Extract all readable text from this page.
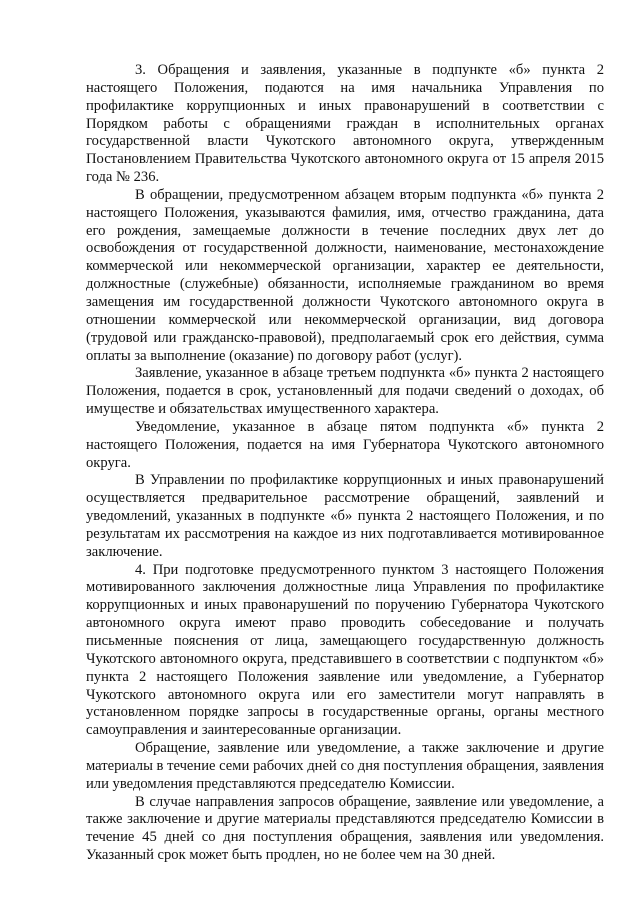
3. Обращения и заявления, указанные в подпункте «б» пункта 2 настоящего Положения, подаются на имя начальника Управления по профилактике коррупционных и иных правонарушений в соответствии с Порядком работы с обращениями граждан в исполнительных органах государственной власти Чукотского автономного округа, утвержденным Постановлением Правительства Чукотского автономного округа от 15 апреля 2015 года № 236.

В обращении, предусмотренном абзацем вторым подпункта «б» пункта 2 настоящего Положения, указываются фамилия, имя, отчество гражданина, дата его рождения, замещаемые должности в течение последних двух лет до освобождения от государственной должности, наименование, местонахождение коммерческой или некоммерческой организации, характер ее деятельности, должностные (служебные) обязанности, исполняемые гражданином во время замещения им государственной должности Чукотского автономного округа в отношении коммерческой или некоммерческой организации, вид договора (трудовой или гражданско-правовой), предполагаемый срок его действия, сумма оплаты за выполнение (оказание) по договору работ (услуг).

Заявление, указанное в абзаце третьем подпункта «б» пункта 2 настоящего Положения, подается в срок, установленный для подачи сведений о доходах, об имуществе и обязательствах имущественного характера.

Уведомление, указанное в абзаце пятом подпункта «б» пункта 2 настоящего Положения, подается на имя Губернатора Чукотского автономного округа.

В Управлении по профилактике коррупционных и иных правонарушений осуществляется предварительное рассмотрение обращений, заявлений и уведомлений, указанных в подпункте «б» пункта 2 настоящего Положения, и по результатам их рассмотрения на каждое из них подготавливается мотивированное заключение.

4. При подготовке предусмотренного пунктом 3 настоящего Положения мотивированного заключения должностные лица Управления по профилактике коррупционных и иных правонарушений по поручению Губернатора Чукотского автономного округа имеют право проводить собеседование и получать письменные пояснения от лица, замещающего государственную должность Чукотского автономного округа, представившего в соответствии с подпунктом «б» пункта 2 настоящего Положения заявление или уведомление, а Губернатор Чукотского автономного округа или его заместители могут направлять в установленном порядке запросы в государственные органы, органы местного самоуправления и заинтересованные организации.

Обращение, заявление или уведомление, а также заключение и другие материалы в течение семи рабочих дней со дня поступления обращения, заявления или уведомления представляются председателю Комиссии.

В случае направления запросов обращение, заявление или уведомление, а также заключение и другие материалы представляются председателю Комиссии в течение 45 дней со дня поступления обращения, заявления или уведомления. Указанный срок может быть продлен, но не более чем на 30 дней.
